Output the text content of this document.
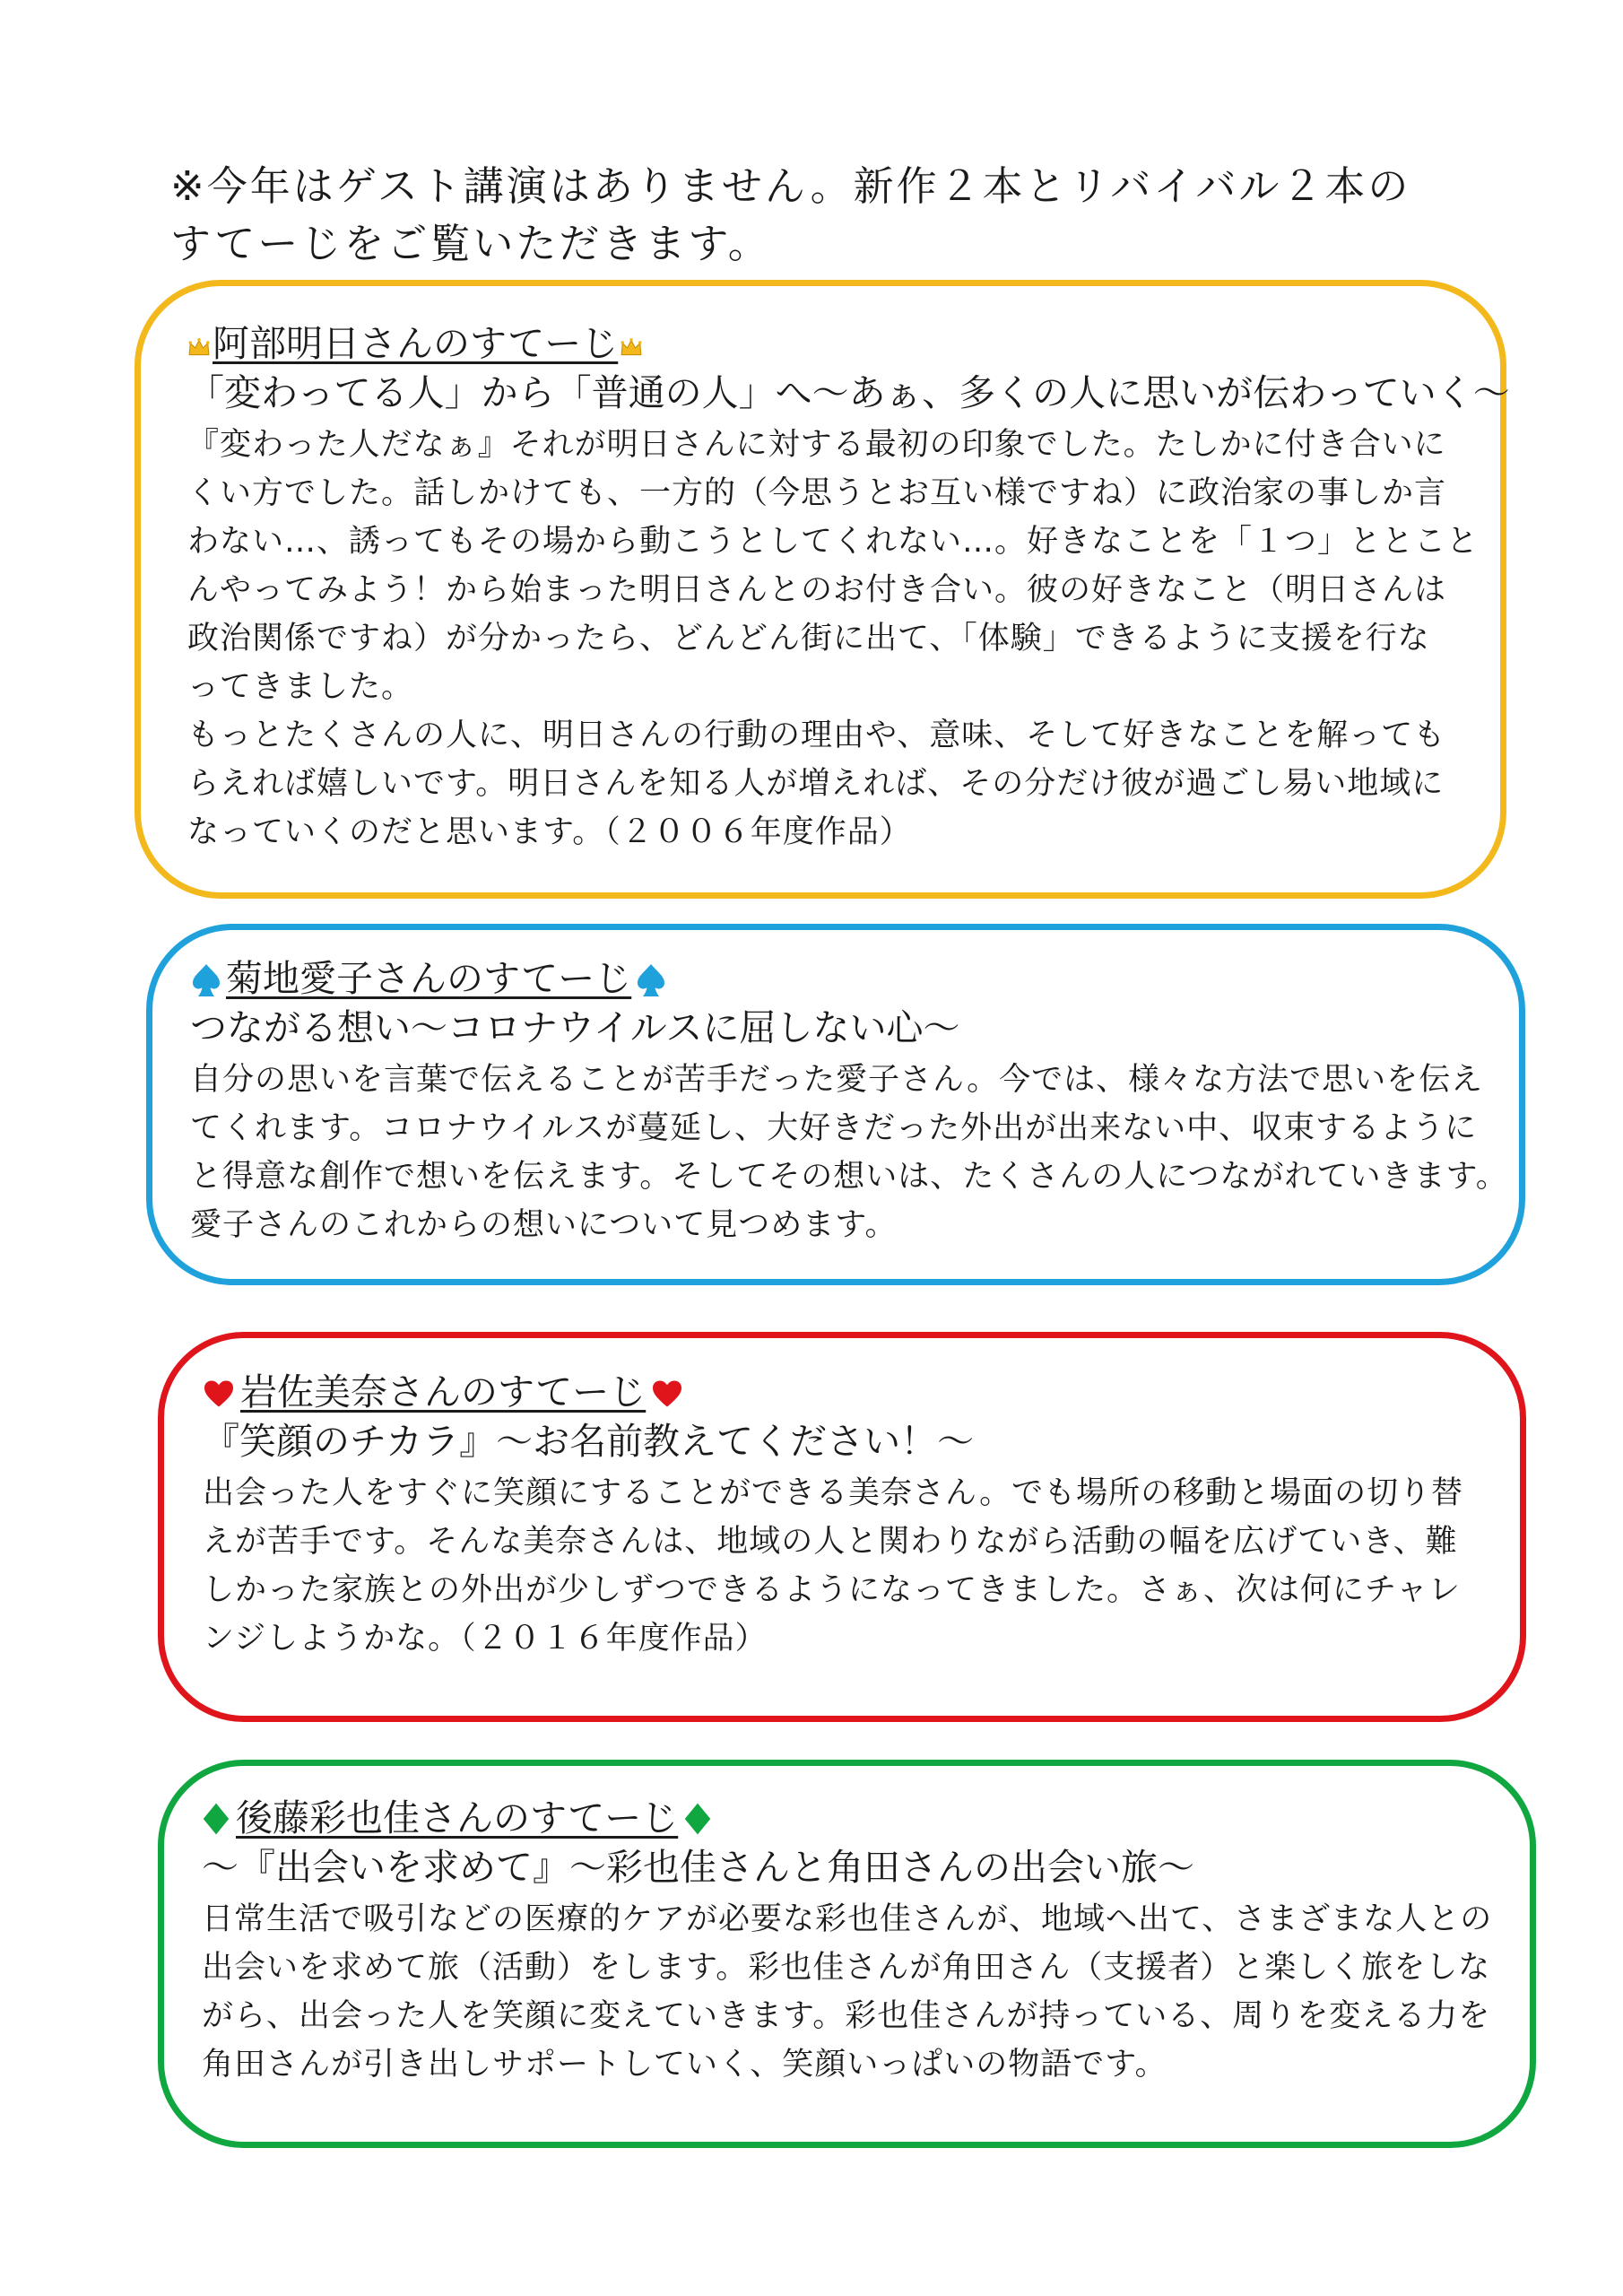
※今年はゲスト講演はありません。新作２本とリバイバル２本の

すてーじをご覧いただきます。

阿部明日さんのすてーじ
「変わってる人」から「普通の人」へ〜あぁ、多くの人に思いが伝わっていく〜

『変わった人だなぁ』それが明日さんに対する最初の印象でした。たしかに付き合いに

くい方でした。話しかけても、一方的（今思うとお互い様ですね）に政治家の事しか言

わない…、誘ってもその場から動こうとしてくれない…。好きなことを「１つ」ととこと

んやってみよう！から始まった明日さんとのお付き合い。彼の好きなこと（明日さんは

政治関係ですね）が分かったら、どんどん街に出て、「体験」できるように支援を行な

ってきました。

もっとたくさんの人に、明日さんの行動の理由や、意味、そして好きなことを解っても

らえれば嬉しいです。明日さんを知る人が増えれば、その分だけ彼が過ごし易い地域に

なっていくのだと思います。（２００６年度作品）

菊地愛子さんのすてーじ
つながる想い〜コロナウイルスに屈しない心〜

自分の思いを言葉で伝えることが苦手だった愛子さん。今では、様々な方法で思いを伝え

てくれます。コロナウイルスが蔓延し、大好きだった外出が出来ない中、収束するように

と得意な創作で想いを伝えます。そしてその想いは、たくさんの人につながれていきます。

愛子さんのこれからの想いについて見つめます。

岩佐美奈さんのすてーじ
『笑顔のチカラ』〜お名前教えてください！〜

出会った人をすぐに笑顔にすることができる美奈さん。でも場所の移動と場面の切り替

えが苦手です。そんな美奈さんは、地域の人と関わりながら活動の幅を広げていき、難

しかった家族との外出が少しずつできるようになってきました。さぁ、次は何にチャレ

ンジしようかな。（２０１６年度作品）

後藤彩也佳さんのすてーじ
〜『出会いを求めて』〜彩也佳さんと角田さんの出会い旅〜

日常生活で吸引などの医療的ケアが必要な彩也佳さんが、地域へ出て、さまざまな人との

出会いを求めて旅（活動）をします。彩也佳さんが角田さん（支援者）と楽しく旅をしな

がら、出会った人を笑顔に変えていきます。彩也佳さんが持っている、周りを変える力を

角田さんが引き出しサポートしていく、笑顔いっぱいの物語です。
